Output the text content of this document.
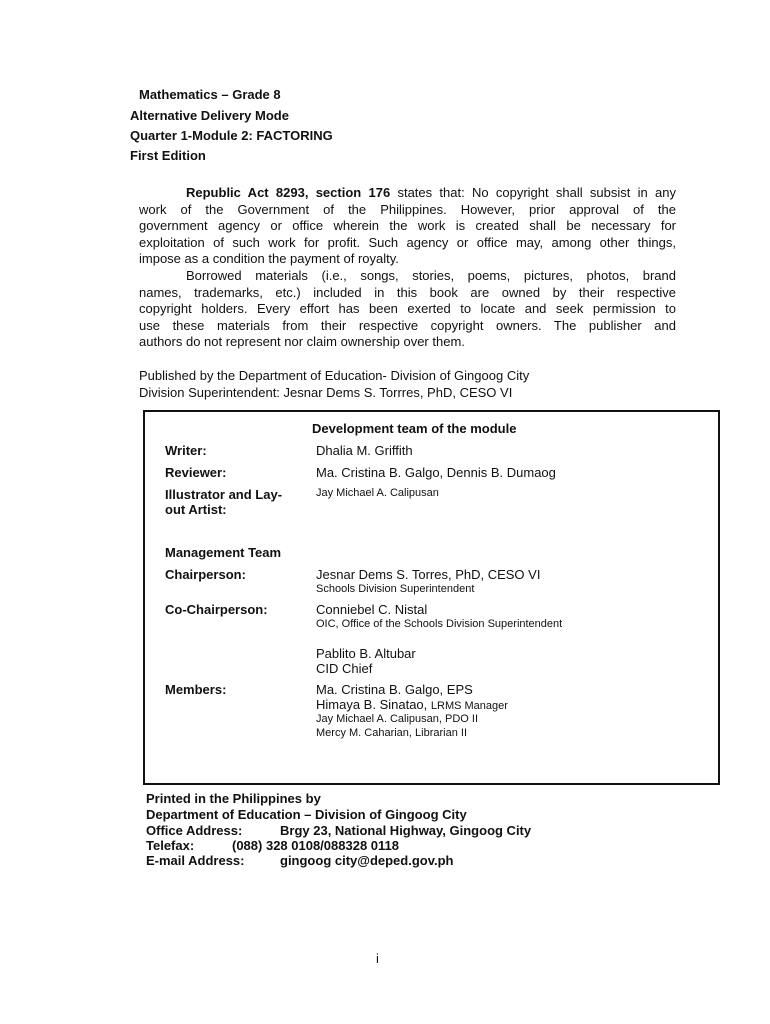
Mathematics – Grade 8
Alternative Delivery Mode
Quarter 1-Module 2: FACTORING
First Edition
Republic Act 8293, section 176 states that: No copyright shall subsist in any
work of the Government of the Philippines. However, prior approval of the
government agency or office wherein the work is created shall be necessary for
exploitation of such work for profit. Such agency or office may, among other things,
impose as a condition the payment of royalty.
Borrowed materials (i.e., songs, stories, poems, pictures, photos, brand
names, trademarks, etc.) included in this book are owned by their respective
copyright holders. Every effort has been exerted to locate and seek permission to
use these materials from their respective copyright owners. The publisher and
authors do not represent nor claim ownership over them.
Published by the Department of Education- Division of Gingoog City
Division Superintendent: Jesnar Dems S. Torrres, PhD, CESO VI
Development team of the module
Writer:	Dhalia M. Griffith
Reviewer:	Ma. Cristina B. Galgo, Dennis B. Dumaog
Illustrator and Lay-
out Artist:
Jay Michael A. Calipusan
Management Team
Chairperson:	Jesnar Dems S. Torres, PhD, CESO VI
Schools Division Superintendent
Co-Chairperson:	Conniebel C. Nistal
OIC, Office of the Schools Division Superintendent
Pablito B. Altubar
CID Chief
Members:	Ma. Cristina B. Galgo, EPS
Himaya B. Sinatao, LRMS Manager
Jay Michael A. Calipusan, PDO II
Mercy M. Caharian, Librarian II
Printed in the Philippines by
Department of Education – Division of Gingoog City
Office Address:	Brgy 23, National Highway, Gingoog City
Telefax:	(088) 328 0108/088328 0118
E-mail Address:	gingoog city@deped.gov.ph
i
